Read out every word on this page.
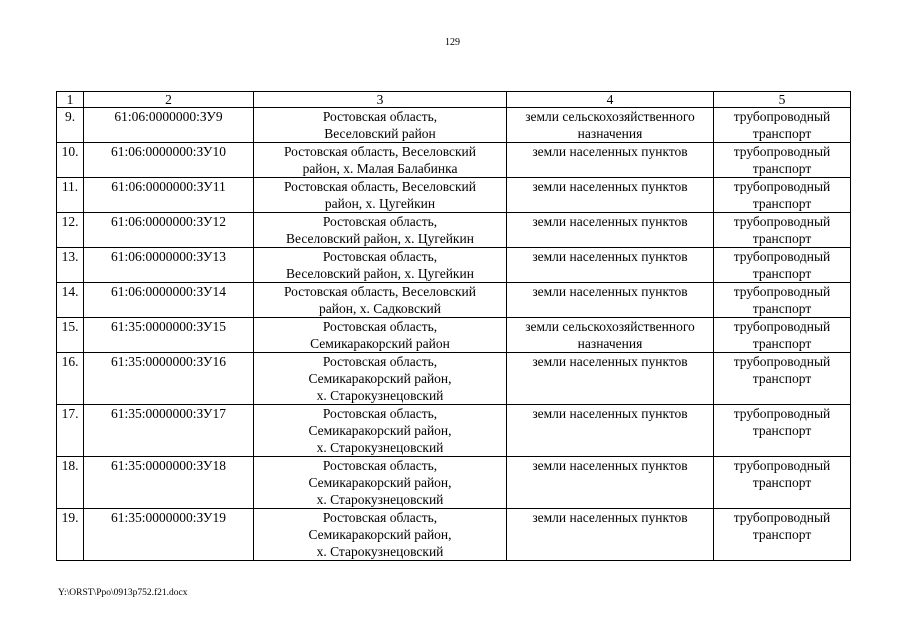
129
1	2	3	4	5
9.	61:06:0000000:ЗУ9	Ростовская область,
Веселовский район	земли сельскохозяйственного
назначения	трубопроводный
транспорт
10.	61:06:0000000:ЗУ10	Ростовская область, Веселовский
район, х. Малая Балабинка	земли населенных пунктов	трубопроводный
транспорт
11.	61:06:0000000:ЗУ11	Ростовская область, Веселовский
район, х. Цугейкин	земли населенных пунктов	трубопроводный
транспорт
12.	61:06:0000000:ЗУ12	Ростовская область,
Веселовский район, х. Цугейкин	земли населенных пунктов	трубопроводный
транспорт
13.	61:06:0000000:ЗУ13	Ростовская область,
Веселовский район, х. Цугейкин	земли населенных пунктов	трубопроводный
транспорт
14.	61:06:0000000:ЗУ14	Ростовская область, Веселовский
район, х. Садковский	земли населенных пунктов	трубопроводный
транспорт
15.	61:35:0000000:ЗУ15	Ростовская область,
Семикаракорский район	земли сельскохозяйственного
назначения	трубопроводный
транспорт
16.	61:35:0000000:ЗУ16	Ростовская область,
Семикаракорский район,
х. Старокузнецовский	земли населенных пунктов	трубопроводный
транспорт
17.	61:35:0000000:ЗУ17	Ростовская область,
Семикаракорский район,
х. Старокузнецовский	земли населенных пунктов	трубопроводный
транспорт
18.	61:35:0000000:ЗУ18	Ростовская область,
Семикаракорский район,
х. Старокузнецовский	земли населенных пунктов	трубопроводный
транспорт
19.	61:35:0000000:ЗУ19	Ростовская область,
Семикаракорский район,
х. Старокузнецовский	земли населенных пунктов	трубопроводный
транспорт
Y:\ORST\Ppo\0913p752.f21.docx
